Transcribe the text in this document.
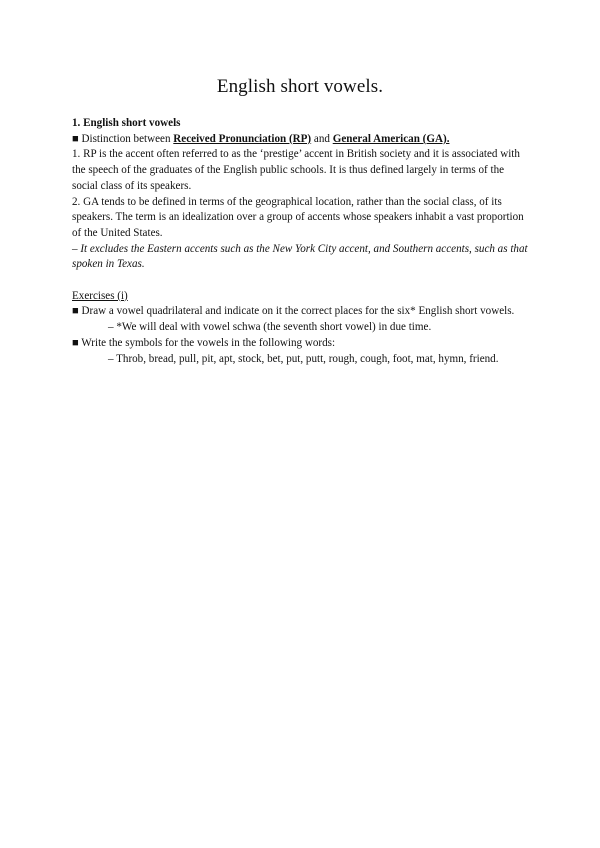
English short vowels.

1. English short vowels

■ Distinction between Received Pronunciation (RP) and General American (GA).

1. RP is the accent often referred to as the ‘prestige’ accent in British society and it is associated with the speech of the graduates of the English public schools. It is thus defined largely in terms of the social class of its speakers.

2. GA tends to be defined in terms of the geographical location, rather than the social class, of its speakers. The term is an idealization over a group of accents whose speakers inhabit a vast proportion of the United States.

– It excludes the Eastern accents such as the New York City accent, and Southern accents, such as that spoken in Texas.

Exercises (i)

■ Draw a vowel quadrilateral and indicate on it the correct places for the six* English short vowels.

– *We will deal with vowel schwa (the seventh short vowel) in due time.

■ Write the symbols for the vowels in the following words:

– Throb, bread, pull, pit, apt, stock, bet, put, putt, rough, cough, foot, mat, hymn, friend.
